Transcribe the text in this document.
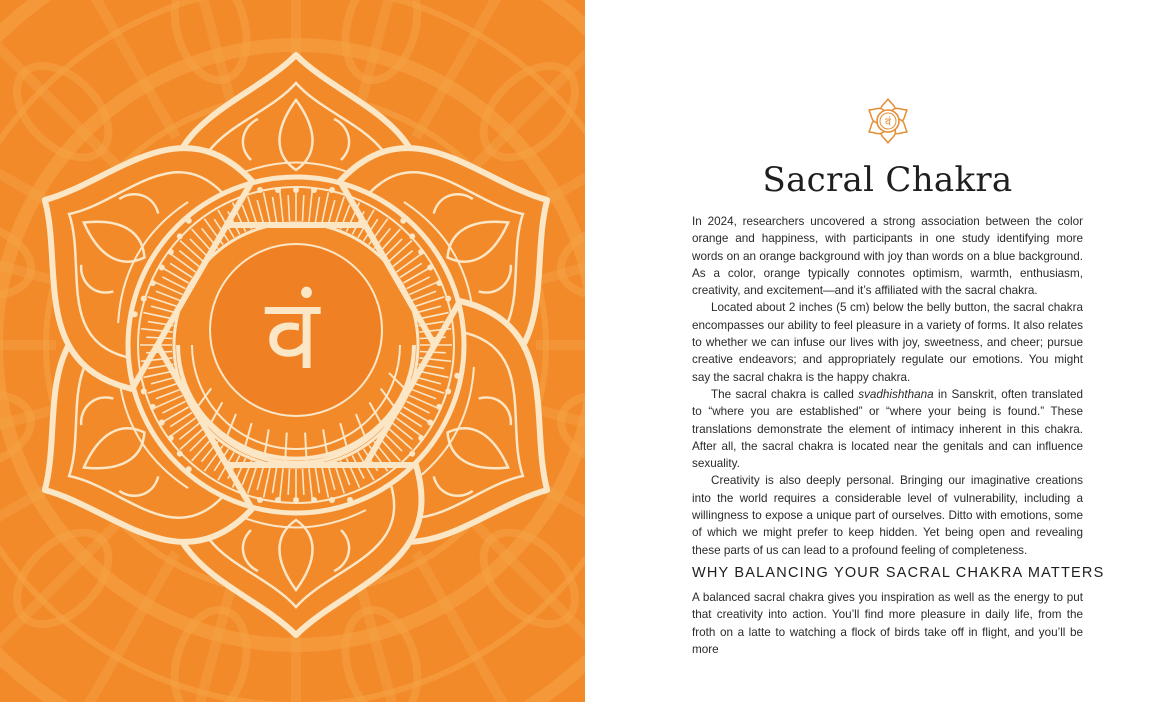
वं
वं
Sacral Chakra

In 2024, researchers uncovered a strong association between the color orange and happiness, with participants in one study identifying more words on an orange background with joy than words on a blue background. As a color, orange typically connotes optimism, warmth, enthusiasm, creativity, and excitement—and it’s affiliated with the sacral chakra.

Located about 2 inches (5 cm) below the belly button, the sacral chakra encompasses our ability to feel pleasure in a variety of forms. It also relates to whether we can infuse our lives with joy, sweetness, and cheer; pursue creative endeavors; and appropriately regulate our emotions. You might say the sacral chakra is the happy chakra.

The sacral chakra is called svadhishthana in Sanskrit, often translated to “where you are established” or “where your being is found.” These translations demonstrate the element of intimacy inherent in this chakra. After all, the sacral chakra is located near the genitals and can influence sexuality.

Creativity is also deeply personal. Bringing our imaginative creations into the world requires a considerable level of vulnerability, including a willingness to expose a unique part of ourselves. Ditto with emotions, some of which we might prefer to keep hidden. Yet being open and revealing these parts of us can lead to a profound feeling of completeness.

WHY BALANCING YOUR SACRAL CHAKRA MATTERS

A balanced sacral chakra gives you inspiration as well as the energy to put that creativity into action. You’ll find more pleasure in daily life, from the froth on a latte to watching a flock of birds take off in flight, and you’ll be more
